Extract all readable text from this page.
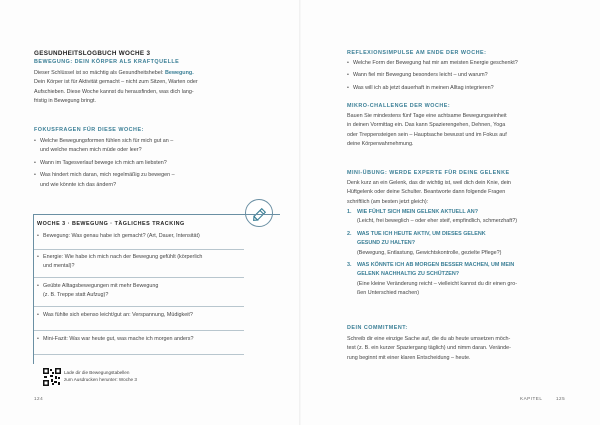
GESUNDHEITSLOGBUCH WOCHE 3
BEWEGUNG: DEIN KÖRPER ALS KRAFTQUELLE
Dieser Schlüssel ist so mächtig als Gesundheitshebel: Bewegung.
Dein Körper ist für Aktivität gemacht – nicht zum Sitzen, Warten oder
Aufschieben. Diese Woche kannst du herausfinden, was dich lang-
fristig in Bewegung bringt.
FOKUSFRAGEN FÜR DIESE WOCHE:
• Welche Bewegungsformen fühlen sich für mich gut an –
und welche machen mich müde oder leer?
• Wann im Tagesverlauf bewege ich mich am liebsten?
• Was hindert mich daran, mich regelmäßig zu bewegen –
und wie könnte ich das ändern?
WOCHE 3 · BEWEGUNG · TÄGLICHES TRACKING
• Bewegung: Was genau habe ich gemacht? (Art, Dauer, Intensität)
• Energie: Wie habe ich mich nach der Bewegung gefühlt (körperlich
und mental)?
• Geübte Alltagsbewegungen mit mehr Bewegung
(z. B. Treppe statt Aufzug)?
• Was fühlte sich ebenso leicht/gut an: Verspannung, Müdigkeit?
• Mini-Fazit: Was war heute gut, was mache ich morgen anders?
Lade dir die Bewegungstabellen
zum Ausdrucken herunter: Woche 3
124
REFLEXIONSIMPULSE AM ENDE DER WOCHE:
• Welche Form der Bewegung hat mir am meisten Energie geschenkt?
• Wann fiel mir Bewegung besonders leicht – und warum?
• Was will ich ab jetzt dauerhaft in meinen Alltag integrieren?
MIKRO-CHALLENGE DER WOCHE:
Bauen Sie mindestens fünf Tage eine achtsame Bewegungseinheit
in deinen Vormittag ein. Das kann Spazierengehen, Dehnen, Yoga
oder Treppensteigen sein – Hauptsache bewusst und im Fokus auf
deine Körperwahrnehmung.
MINI-ÜBUNG: WERDE EXPERTE FÜR DEINE GELENKE
Denk kurz an ein Gelenk, das dir wichtig ist, weil dich dein Knie, dein
Hüftgelenk oder deine Schulter. Beantworte dann folgende Fragen
schriftlich (am besten jetzt gleich):
1. WIE FÜHLT SICH MEIN GELENK AKTUELL AN?
(Leicht, frei beweglich – oder eher steif, empfindlich, schmerzhaft?)
2. WAS TUE ICH HEUTE AKTIV, UM DIESES GELENK
GESUND ZU HALTEN?
(Bewegung, Entlastung, Gewichtskontrolle, gezielte Pflege?)
3. WAS KÖNNTE ICH AB MORGEN BESSER MACHEN, UM MEIN
GELENK NACHHALTIG ZU SCHÜTZEN?
(Eine kleine Veränderung reicht – vielleicht kannst du dir einen gro-
ßen Unterschied machen)
DEIN COMMITMENT:
Schreib dir eine einzige Sache auf, die du ab heute umsetzen möch-
test (z. B. ein kurzer Spaziergang täglich) und nimm daran. Verände-
rung beginnt mit einer klaren Entscheidung – heute.
KAPITEL	125
